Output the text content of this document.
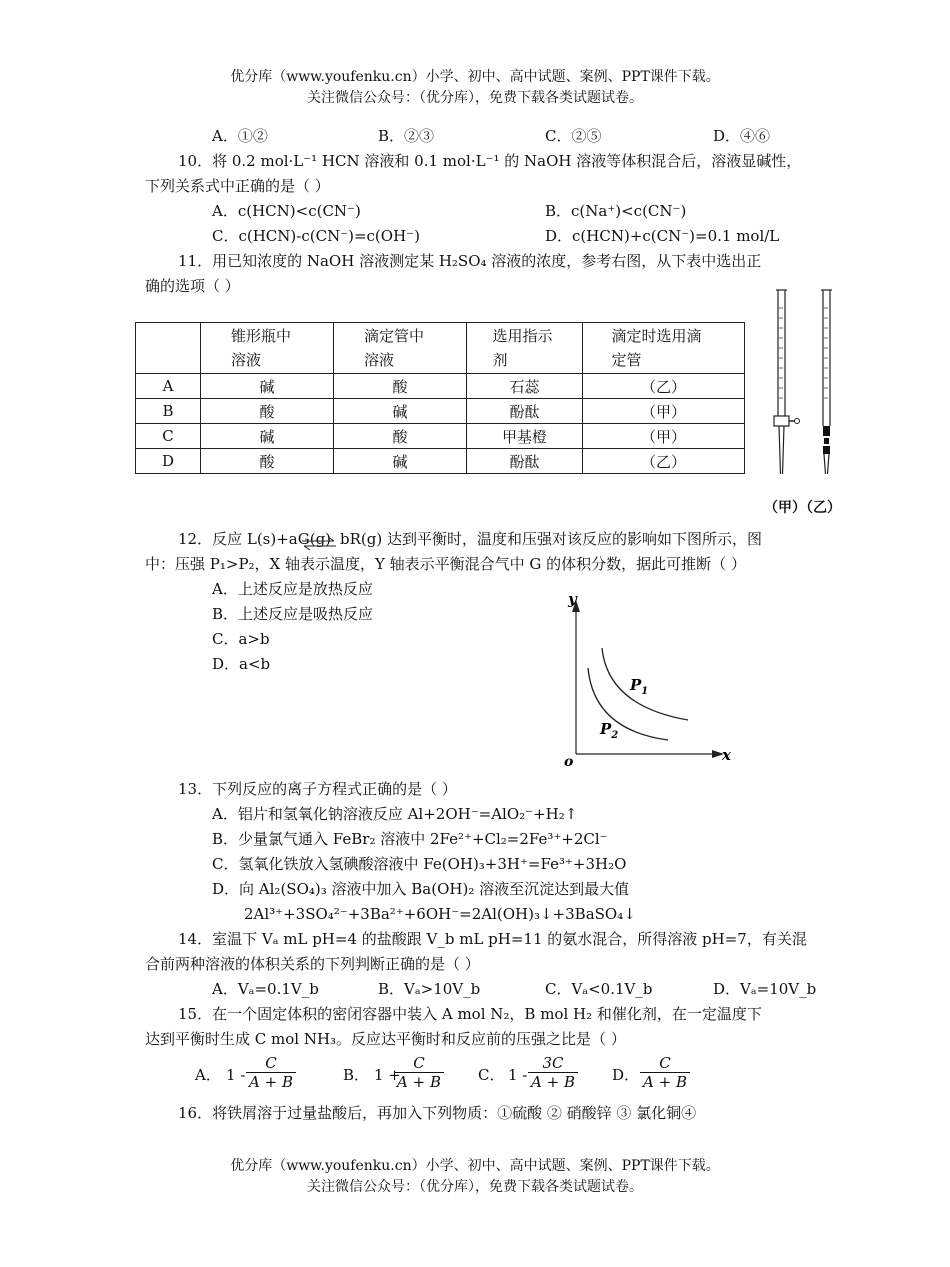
优分库（www.youfenku.cn）小学、初中、高中试题、案例、PPT课件下载。
关注微信公众号：（优分库），免费下载各类试题试卷。
A．①②	B．②③	C．②⑤	D．④⑥
10．将 0.2 mol·L⁻¹ HCN 溶液和 0.1 mol·L⁻¹ 的 NaOH 溶液等体积混合后，溶液显碱性，
下列关系式中正确的是（ ）
A．c(HCN)<c(CN⁻)	B．c(Na⁺)<c(CN⁻)
C．c(HCN)-c(CN⁻)=c(OH⁻)	D．c(HCN)+c(CN⁻)=0.1 mol/L
11．用已知浓度的 NaOH 溶液测定某 H₂SO₄ 溶液的浓度，参考右图，从下表中选出正
确的选项（ ）
	锥形瓶中溶液	滴定管中溶液	选用指示剂	滴定时选用滴定管
A	碱	酸	石蕊	（乙）
B	酸	碱	酚酞	（甲）
C	碱	酸	甲基橙	（甲）
D	酸	碱	酚酞	（乙）
（甲）（乙）
12．反应 L(s)+aG(g) ⇌ bR(g) 达到平衡时，温度和压强对该反应的影响如下图所示，图
中：压强 P₁>P₂，X 轴表示温度，Y 轴表示平衡混合气中 G 的体积分数，据此可推断（ ）
A．上述反应是放热反应
B．上述反应是吸热反应
C．a>b
D．a<b
y
x
o
$P_1$
$P_2$
13．下列反应的离子方程式正确的是（ ）
A．铝片和氢氧化钠溶液反应 Al+2OH⁻=AlO₂⁻+H₂↑
B．少量氯气通入 FeBr₂ 溶液中 2Fe²⁺+Cl₂=2Fe³⁺+2Cl⁻
C．氢氧化铁放入氢碘酸溶液中 Fe(OH)₃+3H⁺=Fe³⁺+3H₂O
D．向 Al₂(SO₄)₃ 溶液中加入 Ba(OH)₂ 溶液至沉淀达到最大值
2Al³⁺+3SO₄²⁻+3Ba²⁺+6OH⁻=2Al(OH)₃↓+3BaSO₄↓
14．室温下 Vₐ mL pH=4 的盐酸跟 V_b mL pH=11 的氨水混合，所得溶液 pH=7，有关混
合前两种溶液的体积关系的下列判断正确的是（ ）
A．Vₐ=0.1V_b	B．Vₐ>10V_b	C．Vₐ<0.1V_b	D．Vₐ=10V_b
15．在一个固定体积的密闭容器中装入 A mol N₂，B mol H₂ 和催化剂，在一定温度下
达到平衡时生成 C mol NH₃。反应达平衡时和反应前的压强之比是（ ）
A． $1 - \frac{C}{A + B}$	B． 1 +
$\frac{C}{A + B}$ C． $1 - \frac{3C}{A + B}$ D． $\frac{C}{A + B}$
16．将铁屑溶于过量盐酸后，再加入下列物质：①硫酸 ② 硝酸锌 ③ 氯化铜④
优分库（www.youfenku.cn）小学、初中、高中试题、案例、PPT课件下载。
关注微信公众号：（优分库），免费下载各类试题试卷。
